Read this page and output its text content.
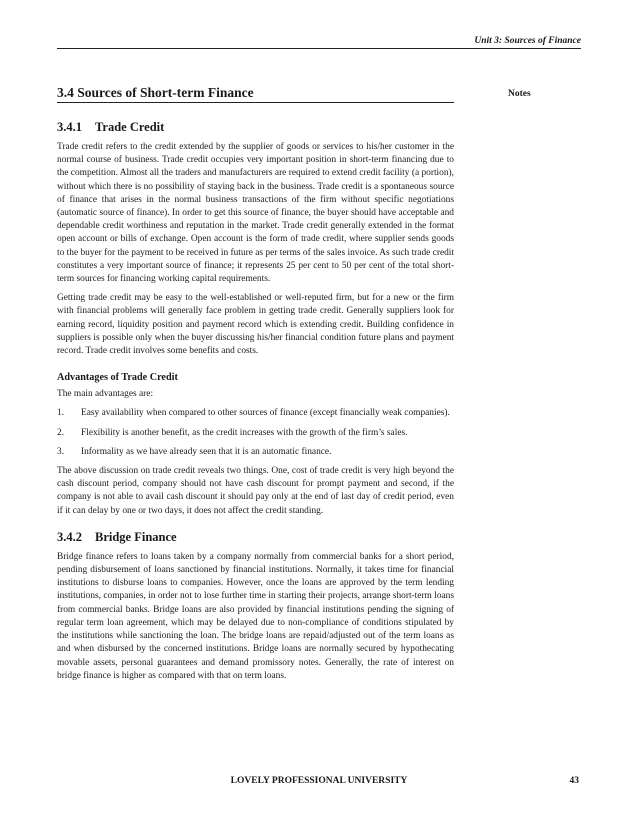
Unit 3: Sources of Finance
Notes
3.4 Sources of Short-term Finance
3.4.1 Trade Credit

Trade credit refers to the credit extended by the supplier of goods or services to his/her customer in the normal course of business. Trade credit occupies very important position in short-term financing due to the competition. Almost all the traders and manufacturers are required to extend credit facility (a portion), without which there is no possibility of staying back in the business. Trade credit is a spontaneous source of finance that arises in the normal business transactions of the firm without specific negotiations (automatic source of finance). In order to get this source of finance, the buyer should have acceptable and dependable credit worthiness and reputation in the market. Trade credit generally extended in the format open account or bills of exchange. Open account is the form of trade credit, where supplier sends goods to the buyer for the payment to be received in future as per terms of the sales invoice. As such trade credit constitutes a very important source of finance; it represents 25 per cent to 50 per cent of the total short-term sources for financing working capital requirements.

Getting trade credit may be easy to the well-established or well-reputed firm, but for a new or the firm with financial problems will generally face problem in getting trade credit. Generally suppliers look for earning record, liquidity position and payment record which is extending credit. Building confidence in suppliers is possible only when the buyer discussing his/her financial condition future plans and payment record. Trade credit involves some benefits and costs.

Advantages of Trade Credit

The main advantages are:

1.	Easy availability when compared to other sources of finance (except financially weak companies).
2.	Flexibility is another benefit, as the credit increases with the growth of the firm’s sales.
3.	Informality as we have already seen that it is an automatic finance.

The above discussion on trade credit reveals two things. One, cost of trade credit is very high beyond the cash discount period, company should not have cash discount for prompt payment and second, if the company is not able to avail cash discount it should pay only at the end of last day of credit period, even if it can delay by one or two days, it does not affect the credit standing.

3.4.2 Bridge Finance

Bridge finance refers to loans taken by a company normally from commercial banks for a short period, pending disbursement of loans sanctioned by financial institutions. Normally, it takes time for financial institutions to disburse loans to companies. However, once the loans are approved by the term lending institutions, companies, in order not to lose further time in starting their projects, arrange short-term loans from commercial banks. Bridge loans are also provided by financial institutions pending the signing of regular term loan agreement, which may be delayed due to non-compliance of conditions stipulated by the institutions while sanctioning the loan. The bridge loans are repaid/adjusted out of the term loans as and when disbursed by the concerned institutions. Bridge loans are normally secured by hypothecating movable assets, personal guarantees and demand promissory notes. Generally, the rate of interest on bridge finance is higher as compared with that on term loans.

LOVELY PROFESSIONAL UNIVERSITY	43
